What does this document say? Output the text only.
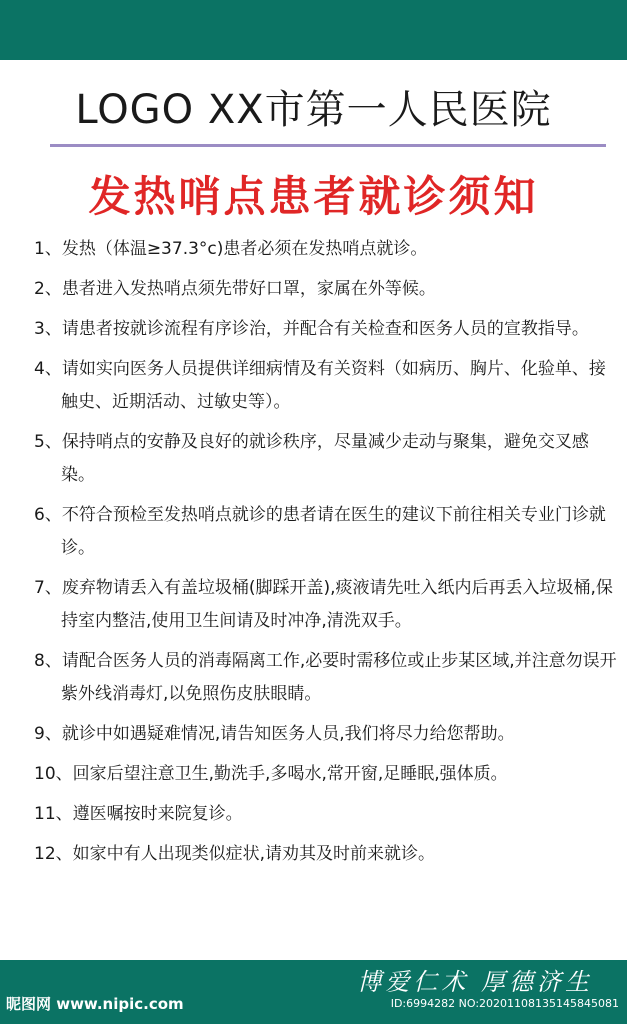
LOGO XX市第一人民医院
发热哨点患者就诊须知
1、发热（体温≥37.3°c)患者必须在发热哨点就诊。
2、患者进入发热哨点须先带好口罩，家属在外等候。
3、请患者按就诊流程有序诊治，并配合有关检查和医务人员的宣教指导。
4、请如实向医务人员提供详细病情及有关资料（如病历、胸片、化验单、接触史、近期活动、过敏史等）。
5、保持哨点的安静及良好的就诊秩序，尽量减少走动与聚集，避免交叉感染。
6、不符合预检至发热哨点就诊的患者请在医生的建议下前往相关专业门诊就诊。
7、废弃物请丢入有盖垃圾桶(脚踩开盖),痰液请先吐入纸内后再丢入垃圾桶,保持室内整洁,使用卫生间请及时冲净,清洗双手。
8、请配合医务人员的消毒隔离工作,必要时需移位或止步某区域,并注意勿误开紫外线消毒灯,以免照伤皮肤眼睛。
9、就诊中如遇疑难情况,请告知医务人员,我们将尽力给您帮助。
10、回家后望注意卫生,勤洗手,多喝水,常开窗,足睡眠,强体质。
11、遵医嘱按时来院复诊。
12、如家中有人出现类似症状,请劝其及时前来就诊。
博爱仁术 厚德济生
昵图网 www.nipic.com	ID:6994282 NO:20201108135145845081
